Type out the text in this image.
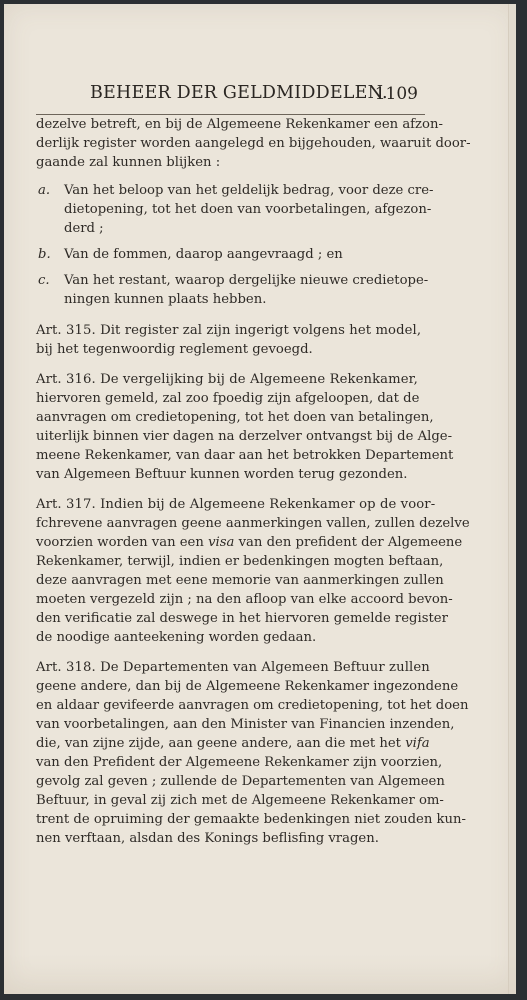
BEHEER DER GELDMIDDELEN.
1109
dezelve betreft, en bij de Algemeene Rekenkamer een afzon-
derlijk register worden aangelegd en bijgehouden, waaruit door-
gaande zal kunnen blijken :
a. Van het beloop van het geldelijk bedrag, voor deze cre-
dietopening, tot het doen van voorbetalingen, afgezon-
derd ;
b. Van de fommen, daarop aangevraagd ; en
c. Van het restant, waarop dergelijke nieuwe credietope-
ningen kunnen plaats hebben.
Art. 315. Dit register zal zijn ingerigt volgens het model,
bij het tegenwoordig reglement gevoegd.
Art. 316. De vergelijking bij de Algemeene Rekenkamer,
hiervoren gemeld, zal zoo fpoedig zijn afgeloopen, dat de
aanvragen om credietopening, tot het doen van betalingen,
uiterlijk binnen vier dagen na derzelver ontvangst bij de Alge-
meene Rekenkamer, van daar aan het betrokken Departement
van Algemeen Beftuur kunnen worden terug gezonden.
Art. 317. Indien bij de Algemeene Rekenkamer op de voor-
fchrevene aanvragen geene aanmerkingen vallen, zullen dezelve
voorzien worden van een visa van den prefident der Algemeene
Rekenkamer, terwijl, indien er bedenkingen mogten beftaan,
deze aanvragen met eene memorie van aanmerkingen zullen
moeten vergezeld zijn ; na den afloop van elke accoord bevon-
den verificatie zal deswege in het hiervoren gemelde register
de noodige aanteekening worden gedaan.
Art. 318. De Departementen van Algemeen Beftuur zullen
geene andere, dan bij de Algemeene Rekenkamer ingezondene
en aldaar gevifeerde aanvragen om credietopening, tot het doen
van voorbetalingen, aan den Minister van Financien inzenden,
die, van zijne zijde, aan geene andere, aan die met het vifa
van den Prefident der Algemeene Rekenkamer zijn voorzien,
gevolg zal geven ; zullende de Departementen van Algemeen
Beftuur, in geval zij zich met de Algemeene Rekenkamer om-
trent de opruiming der gemaakte bedenkingen niet zouden kun-
nen verftaan, alsdan des Konings beflisfing vragen.
